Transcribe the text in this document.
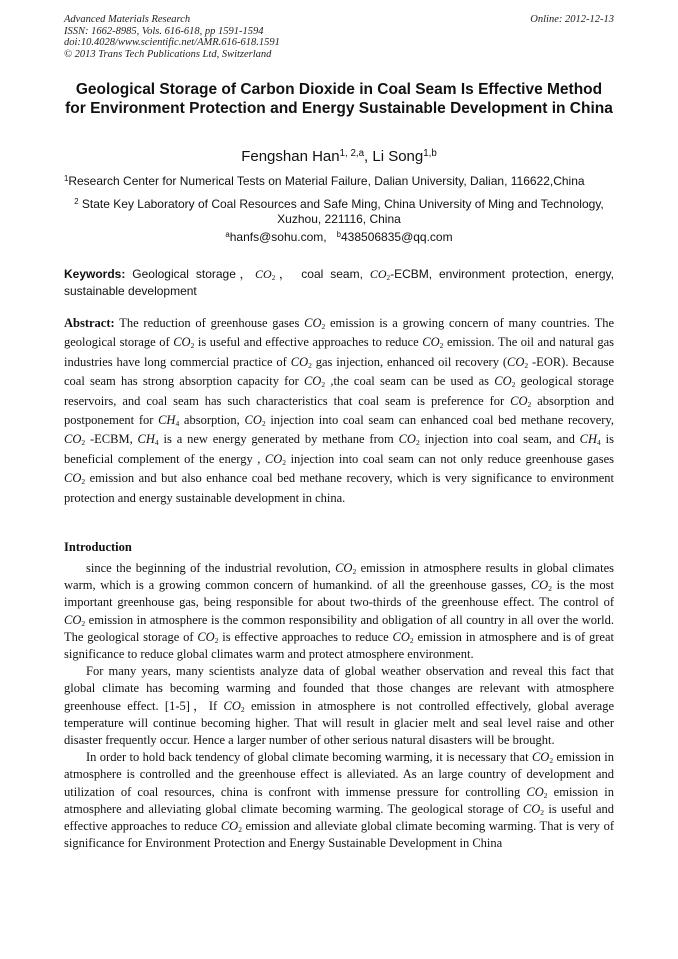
Advanced Materials Research
ISSN: 1662-8985, Vols. 616-618, pp 1591-1594
doi:10.4028/www.scientific.net/AMR.616-618.1591
© 2013 Trans Tech Publications Ltd, Switzerland
Online: 2012-12-13
Geological Storage of Carbon Dioxide in Coal Seam Is Effective Method for Environment Protection and Energy Sustainable Development in China
Fengshan Han$^{1, 2,a}$, Li Song$^{1,b}$
$^1$Research Center for Numerical Tests on Material Failure, Dalian University, Dalian, 116622,China
$^2$ State Key Laboratory of Coal Resources and Safe Ming, China University of Ming and Technology, Xuzhou, 221116, China
$^a$hanfs@sohu.com, $^b$438506835@qq.com
Keywords: Geological storage，$CO_2$， coal seam, $CO_2$-ECBM, environment protection, energy, sustainable development
Abstract: The reduction of greenhouse gases $CO_2$ emission is a growing concern of many countries. The geological storage of $CO_2$ is useful and effective approaches to reduce $CO_2$ emission. The oil and natural gas industries have long commercial practice of $CO_2$ gas injection, enhanced oil recovery ($CO_2$ -EOR). Because coal seam has strong absorption capacity for $CO_2$ ,the coal seam can be used as $CO_2$ geological storage reservoirs, and coal seam has such characteristics that coal seam is preference for $CO_2$ absorption and postponement for $CH_4$ absorption, $CO_2$ injection into coal seam can enhanced coal bed methane recovery, $CO_2$ -ECBM, $CH_4$ is a new energy generated by methane from $CO_2$ injection into coal seam, and $CH_4$ is beneficial complement of the energy , $CO_2$ injection into coal seam can not only reduce greenhouse gases $CO_2$ emission and but also enhance coal bed methane recovery, which is very significance to environment protection and energy sustainable development in china.
Introduction

since the beginning of the industrial revolution, $CO_2$ emission in atmosphere results in global climates warm, which is a growing common concern of humankind. of all the greenhouse gasses, $CO_2$ is the most important greenhouse gas, being responsible for about two-thirds of the greenhouse effect. The control of $CO_2$ emission in atmosphere is the common responsibility and obligation of all country in all over the world. The geological storage of $CO_2$ is effective approaches to reduce $CO_2$ emission in atmosphere and is of great significance to reduce global climates warm and protect atmosphere environment.

For many years, many scientists analyze data of global weather observation and reveal this fact that global climate has becoming warming and founded that those changes are relevant with atmosphere greenhouse effect. [1-5]，If $CO_2$ emission in atmosphere is not controlled effectively, global average temperature will continue becoming higher. That will result in glacier melt and seal level raise and other disaster frequently occur. Hence a larger number of other serious natural disasters will be brought.

In order to hold back tendency of global climate becoming warming, it is necessary that $CO_2$ emission in atmosphere is controlled and the greenhouse effect is alleviated. As an large country of development and utilization of coal resources, china is confront with immense pressure for controlling $CO_2$ emission in atmosphere and alleviating global climate becoming warming. The geological storage of $CO_2$ is useful and effective approaches to reduce $CO_2$ emission and alleviate global climate becoming warming. That is very of significance for Environment Protection and Energy Sustainable Development in China
